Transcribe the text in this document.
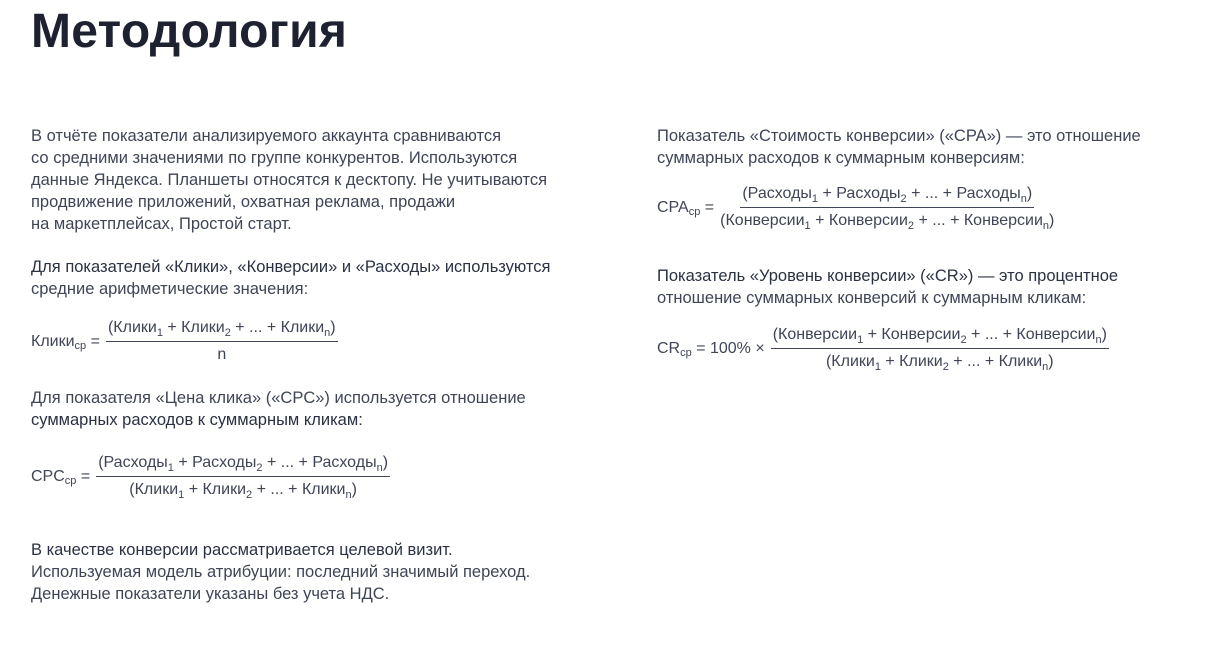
Методология

В отчёте показатели анализируемого аккаунта сравниваются
со средними значениями по группе конкурентов. Используются
данные Яндекса. Планшеты относятся к десктопу. Не учитываются
продвижение приложений, охватная реклама, продажи
на маркетплейсах, Простой старт.

Для показателей «Клики», «Конверсии» и «Расходы» используются
средние арифметические значения:

Клики$_{ср}$ = $\frac{(Клики_1 + Клики_2 + ... + Клики_n)}{n}$

Для показателя «Цена клика» («CPC») используется отношение
суммарных расходов к суммарным кликам:

$CPC_{ср} = \frac{(Расходы_1 + Расходы_2 + ... + Расходы_n)}{(Клики_1 + Клики_2 + ... + Клики_n)}$

В качестве конверсии рассматривается целевой визит.
Используемая модель атрибуции: последний значимый переход.
Денежные показатели указаны без учета НДС.

Показатель «Стоимость конверсии» («CPA») — это отношение
суммарных расходов к суммарным конверсиям:

$CPA_{ср} = \frac{(Расходы_1 + Расходы_2 + ... + Расходы_n)}{(Конверсии_1 + Конверсии_2 + ... + Конверсии_n)}$

Показатель «Уровень конверсии» («CR») — это процентное
отношение суммарных конверсий к суммарным кликам:

$CR_{ср} = 100\% \times \frac{(Конверсии_1 + Конверсии_2 + ... + Конверсии_n)}{(Клики_1 + Клики_2 + ... + Клики_n)}$
